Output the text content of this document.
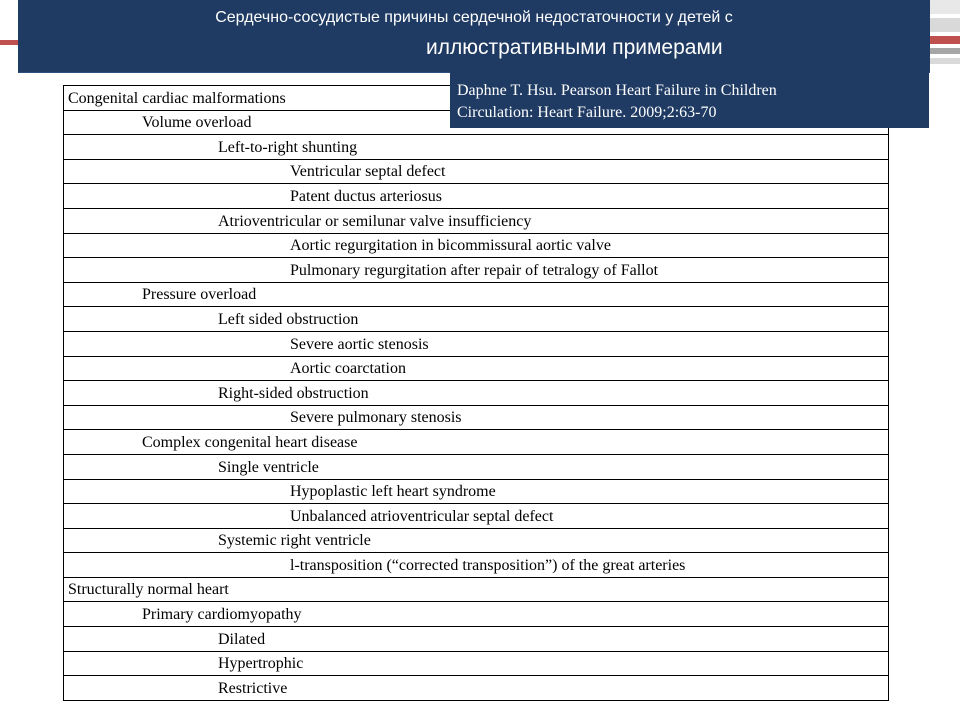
Сердечно-сосудистые причины сердечной недостаточности у детей с
иллюстративными примерами
Congenital cardiac malformations
Volume overload
Left-to-right shunting
Ventricular septal defect
Patent ductus arteriosus
Atrioventricular or semilunar valve insufficiency
Aortic regurgitation in bicommissural aortic valve
Pulmonary regurgitation after repair of tetralogy of Fallot
Pressure overload
Left sided obstruction
Severe aortic stenosis
Aortic coarctation
Right-sided obstruction
Severe pulmonary stenosis
Complex congenital heart disease
Single ventricle
Hypoplastic left heart syndrome
Unbalanced atrioventricular septal defect
Systemic right ventricle
l-transposition (“corrected transposition”) of the great arteries
Structurally normal heart
Primary cardiomyopathy
Dilated
Hypertrophic
Restrictive
Daphne T. Hsu. Pearson Heart Failure in Children
Circulation: Heart Failure. 2009;2:63-70
